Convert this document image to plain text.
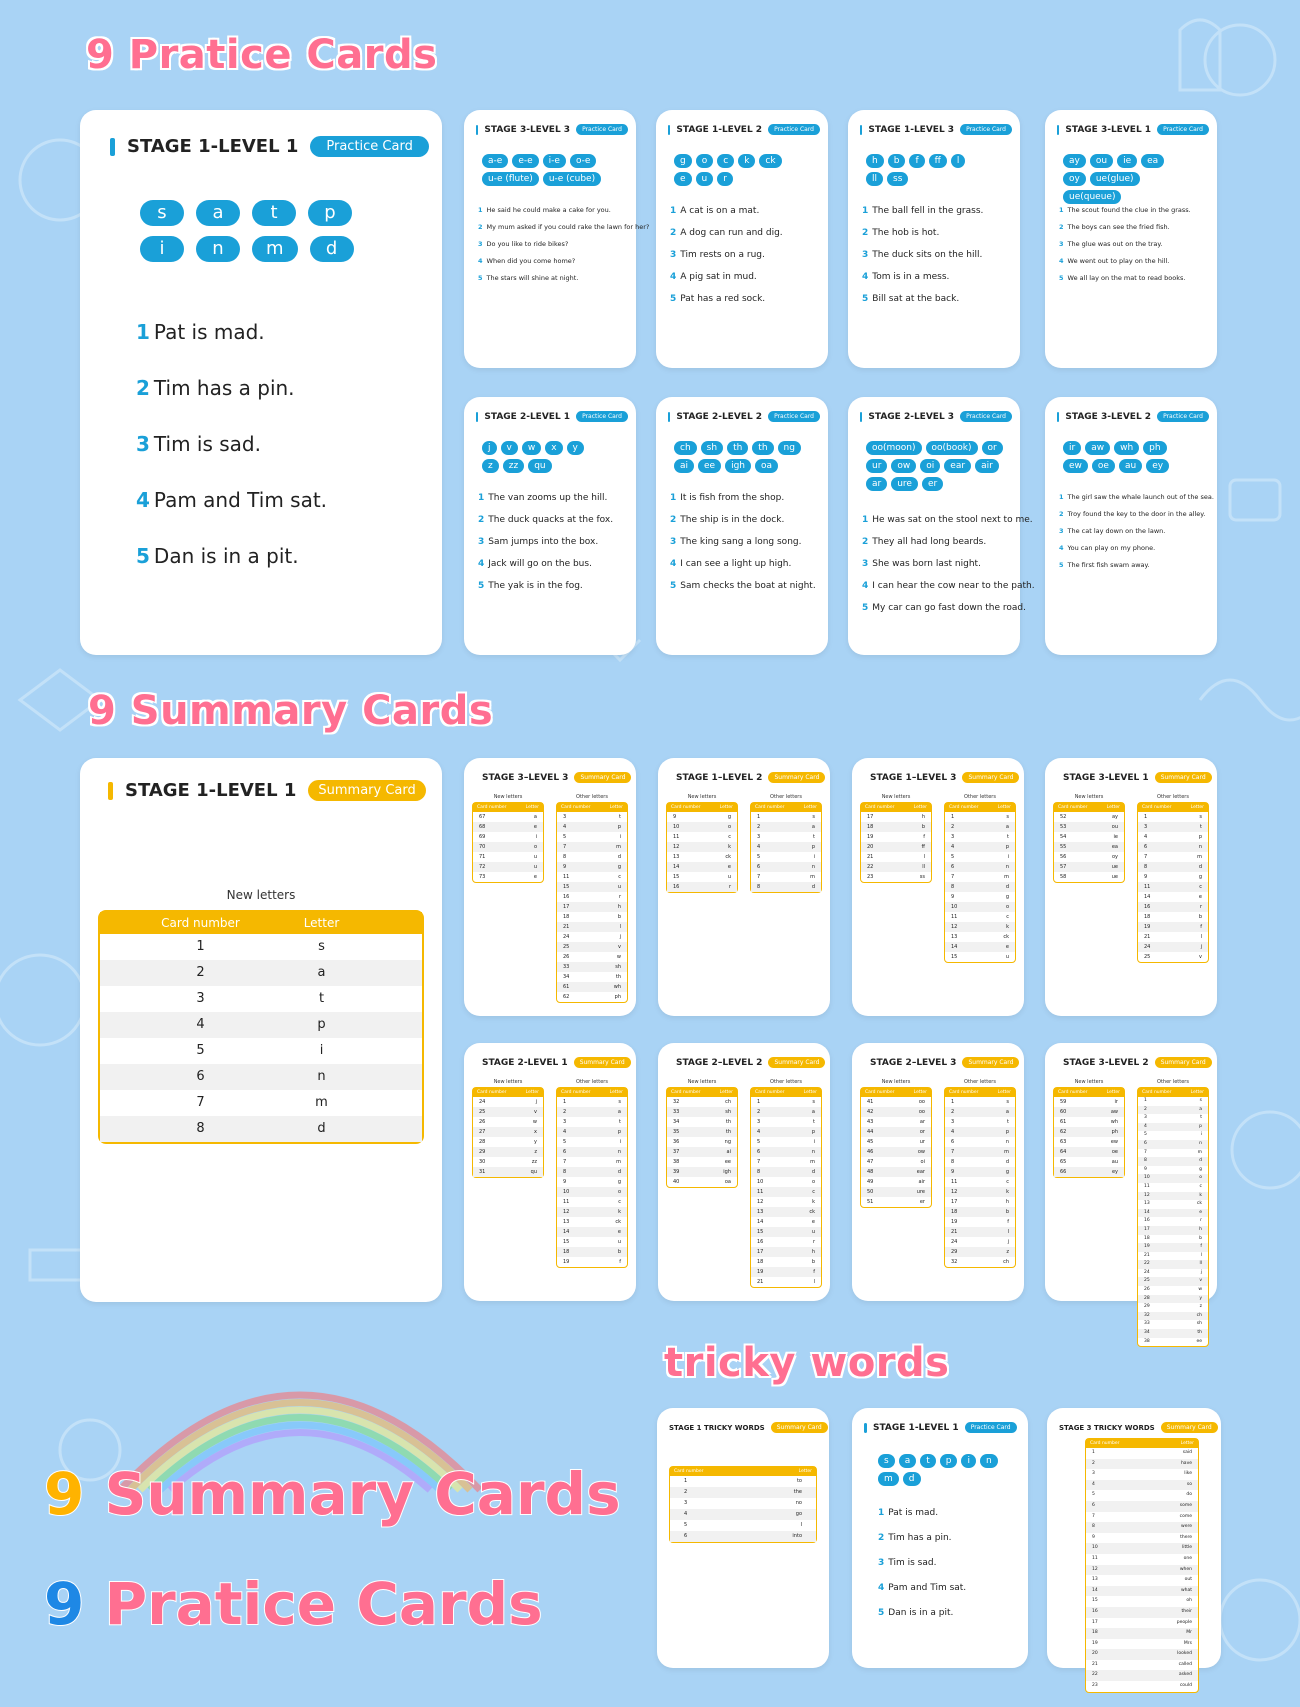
9 Pratice Cards
STAGE 1-LEVEL 1	Practice Card
s	a	t	p
i	n	m	d
1 Pat is mad.
2 Tim has a pin.
3 Tim is sad.
4 Pam and Tim sat.
5 Dan is in a pit.
STAGE 3-LEVEL 3	Practice Card
a-e	e-e	i-e	o-e
u-e (flute)	u-e (cube)
1 He said he could make a cake for you.
2 My mum asked if you could rake the lawn for her?
3 Do you like to ride bikes?
4 When did you come home?
5 The stars will shine at night.
STAGE 1-LEVEL 2	Practice Card
g	o	c	k	ck
e	u	r
1 A cat is on a mat.
2 A dog can run and dig.
3 Tim rests on a rug.
4 A pig sat in mud.
5 Pat has a red sock.
STAGE 1-LEVEL 3	Practice Card
h	b	f	ff	l
ll	ss
1 The ball fell in the grass.
2 The hob is hot.
3 The duck sits on the hill.
4 Tom is in a mess.
5 Bill sat at the back.
STAGE 3-LEVEL 1	Practice Card
ay	ou	ie	ea
oy	ue(glue)
ue(queue)
1 The scout found the clue in the grass.
2 The boys can see the fried fish.
3 The glue was out on the tray.
4 We went out to play on the hill.
5 We all lay on the mat to read books.
STAGE 2-LEVEL 1	Practice Card
j	v	w	x	y
z	zz	qu
1 The van zooms up the hill.
2 The duck quacks at the fox.
3 Sam jumps into the box.
4 Jack will go on the bus.
5 The yak is in the fog.
STAGE 2-LEVEL 2	Practice Card
ch	sh	th	th	ng
ai	ee	igh	oa
1 It is fish from the shop.
2 The ship is in the dock.
3 The king sang a long song.
4 I can see a light up high.
5 Sam checks the boat at night.
STAGE 2-LEVEL 3	Practice Card
oo(moon)	oo(book)	or
ur	ow	oi	ear	air
ar	ure	er
1 He was sat on the stool next to me.
2 They all had long beards.
3 She was born last night.
4 I can hear the cow near to the path.
5 My car can go fast down the road.
STAGE 3-LEVEL 2	Practice Card
ir	aw	wh	ph
ew	oe	au	ey
1 The girl saw the whale launch out of the sea.
2 Troy found the key to the door in the alley.
3 The cat lay down on the lawn.
4 You can play on my phone.
5 The first fish swam away.
9 Summary Cards
STAGE 1-LEVEL 1	Summary Card
New letters
Card number	Letter
1	s
2	a
3	t
4	p
5	i
6	n
7	m
8	d
STAGE 3–LEVEL 3	Summary Card
New letters
Card number	Letter
67	a
68	e
69	i
70	o
71	u
72	u
73	e
Other letters
Card number	Letter
3	t
4	p
5	i
7	m
8	d
9	g
11	c
15	u
16	r
17	h
18	b
21	l
24	j
25	v
26	w
33	sh
34	th
61	wh
62	ph
STAGE 1–LEVEL 2	Summary Card
New letters
Card number	Letter
9	g
10	o
11	c
12	k
13	ck
14	e
15	u
16	r
Other letters
Card number	Letter
1	s
2	a
3	t
4	p
5	i
6	n
7	m
8	d
STAGE 1–LEVEL 3	Summary Card
New letters
Card number	Letter
17	h
18	b
19	f
20	ff
21	l
22	ll
23	ss
Other letters
Card number	Letter
1	s
2	a
3	t
4	p
5	i
6	n
7	m
8	d
9	g
10	o
11	c
12	k
13	ck
14	e
15	u
STAGE 3-LEVEL 1	Summary Card
New letters
Card number	Letter
52	ay
53	ou
54	ie
55	ea
56	oy
57	ue
58	ue
Other letters
Card number	Letter
1	s
3	t
4	p
6	n
7	m
8	d
9	g
11	c
14	e
16	r
18	b
19	f
21	l
24	j
25	v
STAGE 2-LEVEL 1	Summary Card
New letters
Card number	Letter
24	j
25	v
26	w
27	x
28	y
29	z
30	zz
31	qu
Other letters
Card number	Letter
1	s
2	a
3	t
4	p
5	i
6	n
7	m
8	d
9	g
10	o
11	c
12	k
13	ck
14	e
15	u
18	b
19	f
STAGE 2–LEVEL 2	Summary Card
New letters
Card number	Letter
32	ch
33	sh
34	th
35	th
36	ng
37	ai
38	ee
39	igh
40	oa
Other letters
Card number	Letter
1	s
2	a
3	t
4	p
5	i
6	n
7	m
8	d
10	o
11	c
12	k
13	ck
14	e
15	u
16	r
17	h
18	b
19	f
21	l
STAGE 2–LEVEL 3	Summary Card
New letters
Card number	Letter
41	oo
42	oo
43	ar
44	or
45	ur
46	ow
47	oi
48	ear
49	air
50	ure
51	er
Other letters
Card number	Letter
1	s
2	a
3	t
4	p
6	n
7	m
8	d
9	g
11	c
12	k
17	h
18	b
19	f
21	l
24	j
29	z
32	ch
STAGE 3-LEVEL 2	Summary Card
New letters
Card number	Letter
59	ir
60	aw
61	wh
62	ph
63	ew
64	oe
65	au
66	ey
Other letters
Card number	Letter
1	s
2	a
3	t
4	p
5	i
6	n
7	m
8	d
9	g
10	o
11	c
12	k
13	ck
14	e
16	r
17	h
18	b
19	f
21	l
22	ll
24	j
25	v
26	w
28	y
29	z
32	ch
33	sh
34	th
38	ee
9 Summary Cards
9 Pratice Cards
tricky words
STAGE 1 TRICKY WORDS	Summary Card
Card number	Letter
1	to
2	the
3	no
4	go
5	I
6	into
STAGE 1-LEVEL 1	Practice Card
s	a	t	p	i	n
m	d
1 Pat is mad.
2 Tim has a pin.
3 Tim is sad.
4 Pam and Tim sat.
5 Dan is in a pit.
STAGE 3 TRICKY WORDS	Summary Card
Card number	Letter
1	said
2	have
3	like
4	so
5	do
6	some
7	come
8	were
9	there
10	little
11	one
12	when
13	out
14	what
15	oh
16	their
17	people
18	Mr
19	Mrs
20	looked
21	called
22	asked
23	could
